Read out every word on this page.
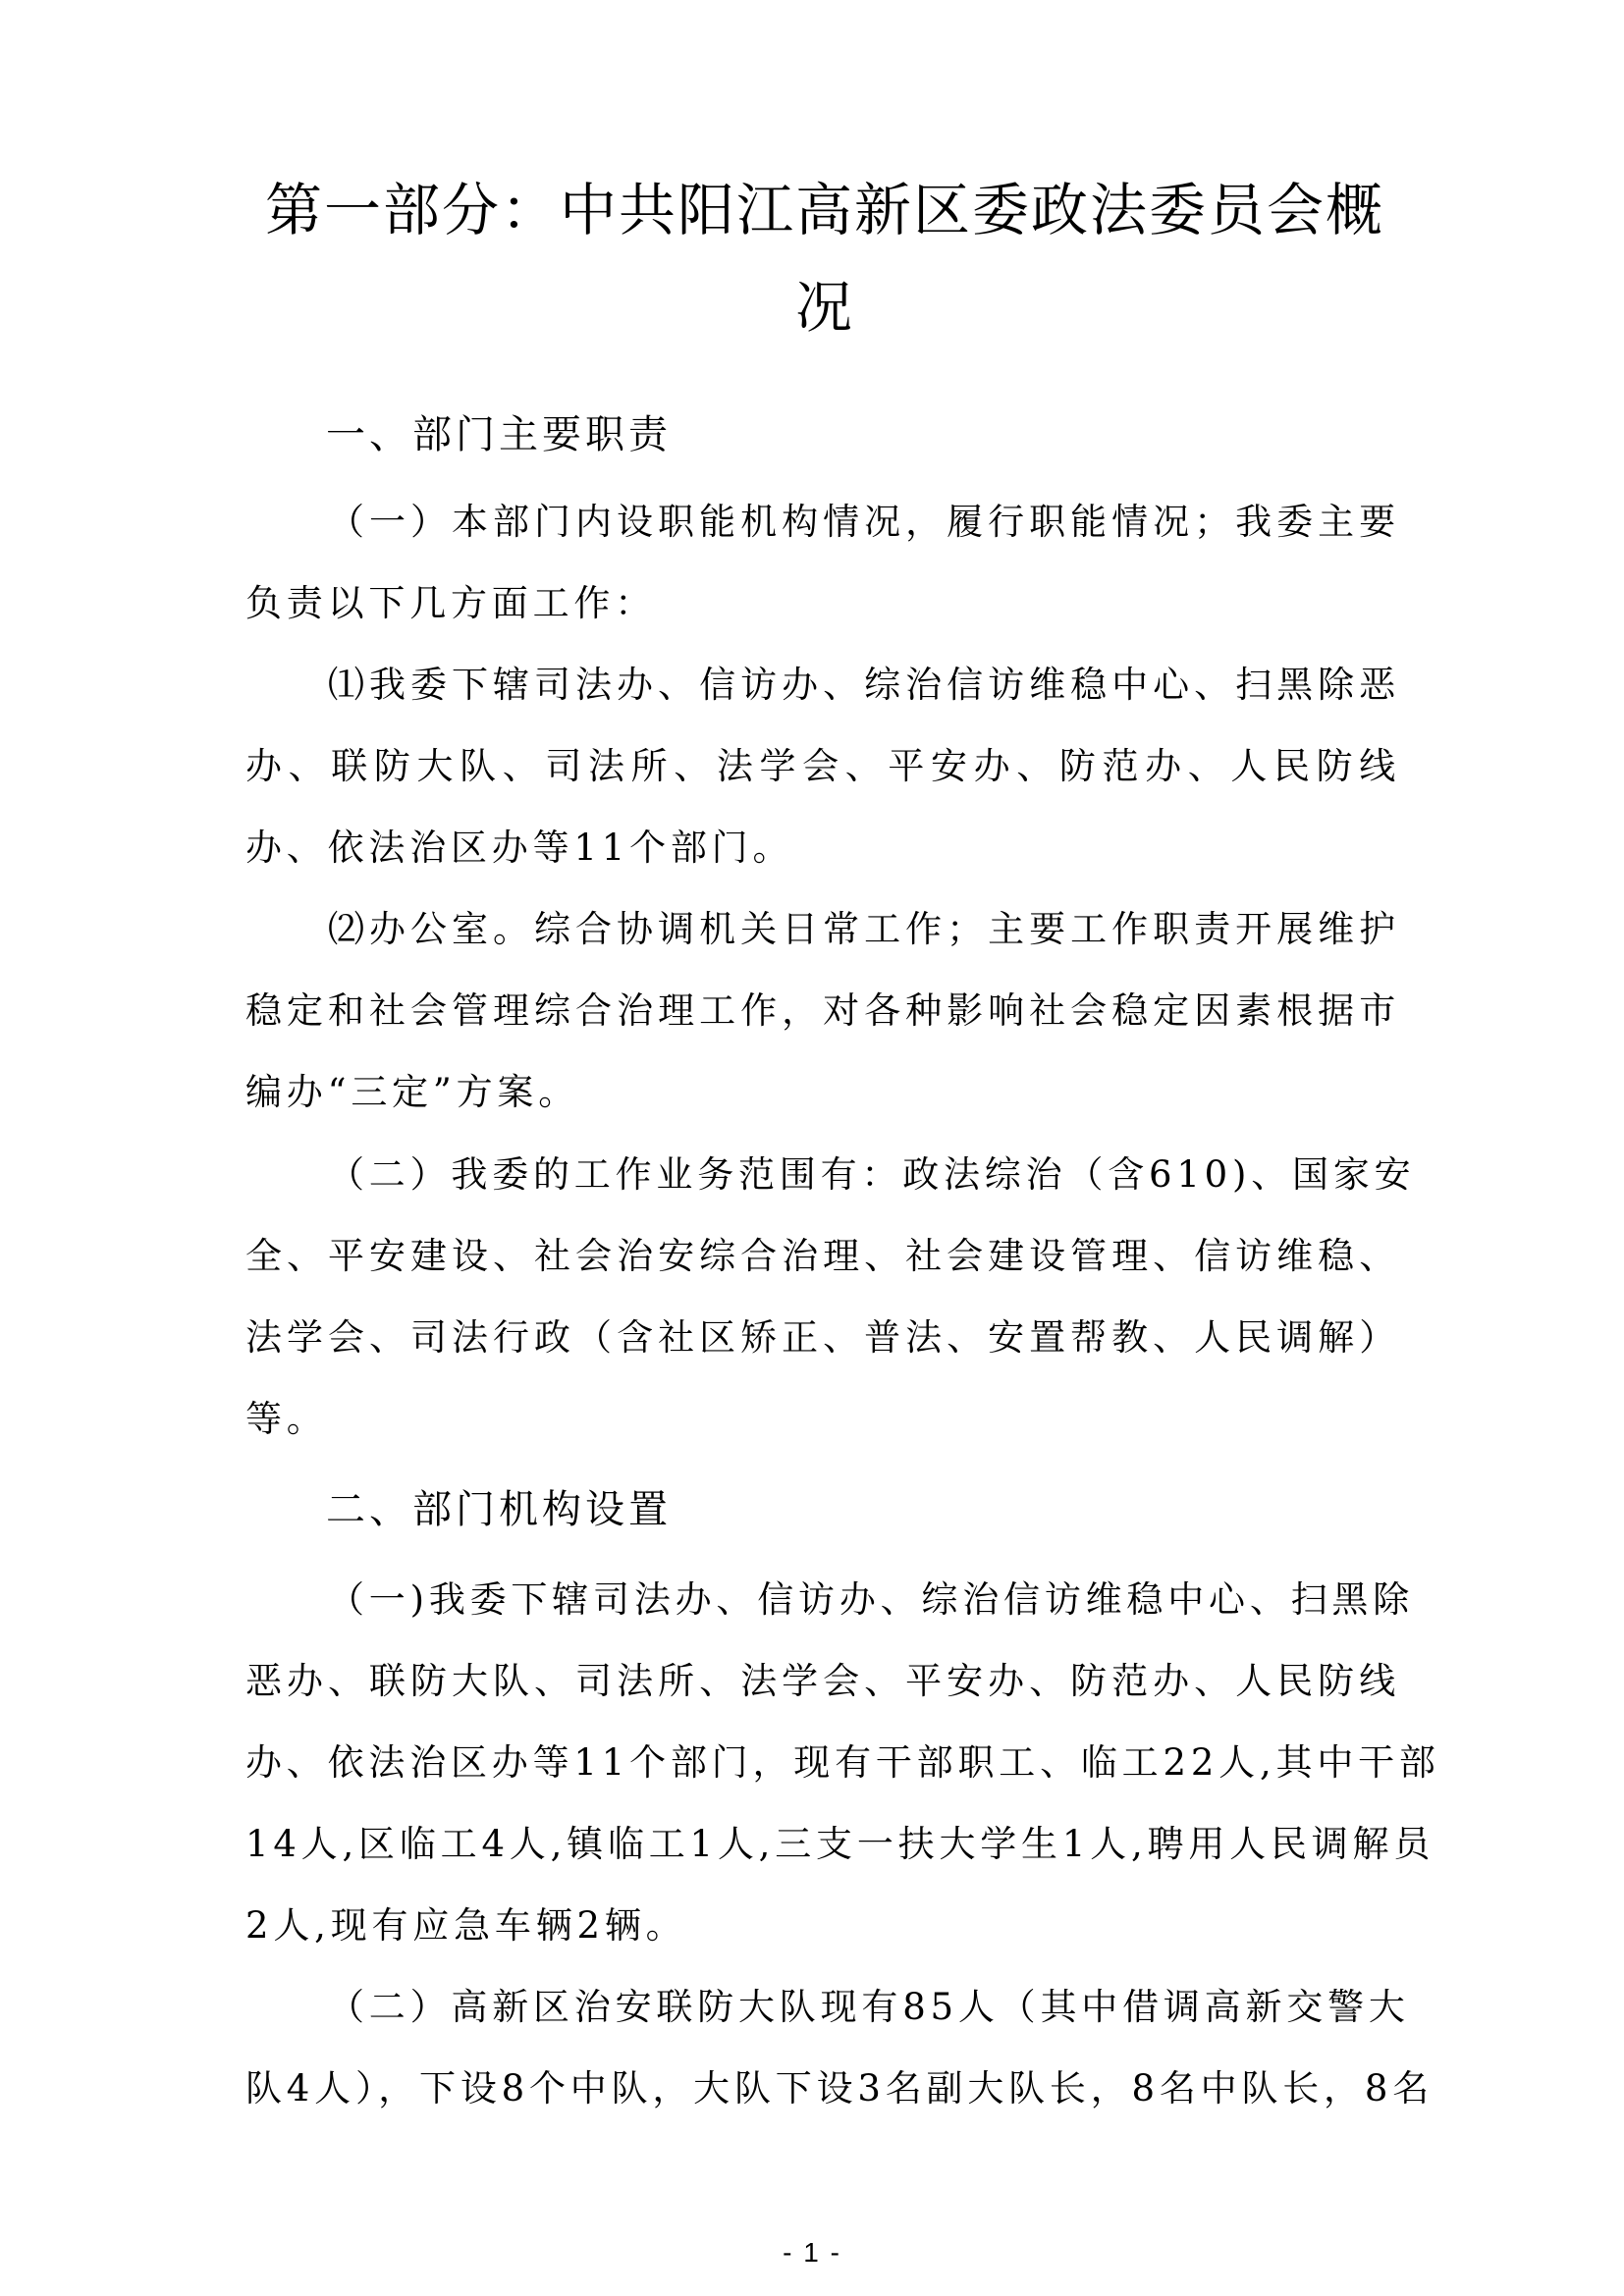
第一部分：中共阳江高新区委政法委员会概
况
一、部门主要职责
（一）本部门内设职能机构情况，履行职能情况；我委主要
负责以下几方面工作：
⑴我委下辖司法办、信访办、综治信访维稳中心、扫黑除恶
办、联防大队、司法所、法学会、平安办、防范办、人民防线
办、依法治区办等11个部门。
⑵办公室。综合协调机关日常工作；主要工作职责开展维护
稳定和社会管理综合治理工作，对各种影响社会稳定因素根据市
编办“三定”方案。
（二）我委的工作业务范围有：政法综治（含610)、国家安
全、平安建设、社会治安综合治理、社会建设管理、信访维稳、
法学会、司法行政（含社区矫正、普法、安置帮教、人民调解）
等。
二、部门机构设置
（一)我委下辖司法办、信访办、综治信访维稳中心、扫黑除
恶办、联防大队、司法所、法学会、平安办、防范办、人民防线
办、依法治区办等11个部门，现有干部职工、临工22人,其中干部
14人,区临工4人,镇临工1人,三支一扶大学生1人,聘用人民调解员
2人,现有应急车辆2辆。
（二）高新区治安联防大队现有85人（其中借调高新交警大
队4人），下设8个中队，大队下设3名副大队长，8名中队长，8名
- 1 -
